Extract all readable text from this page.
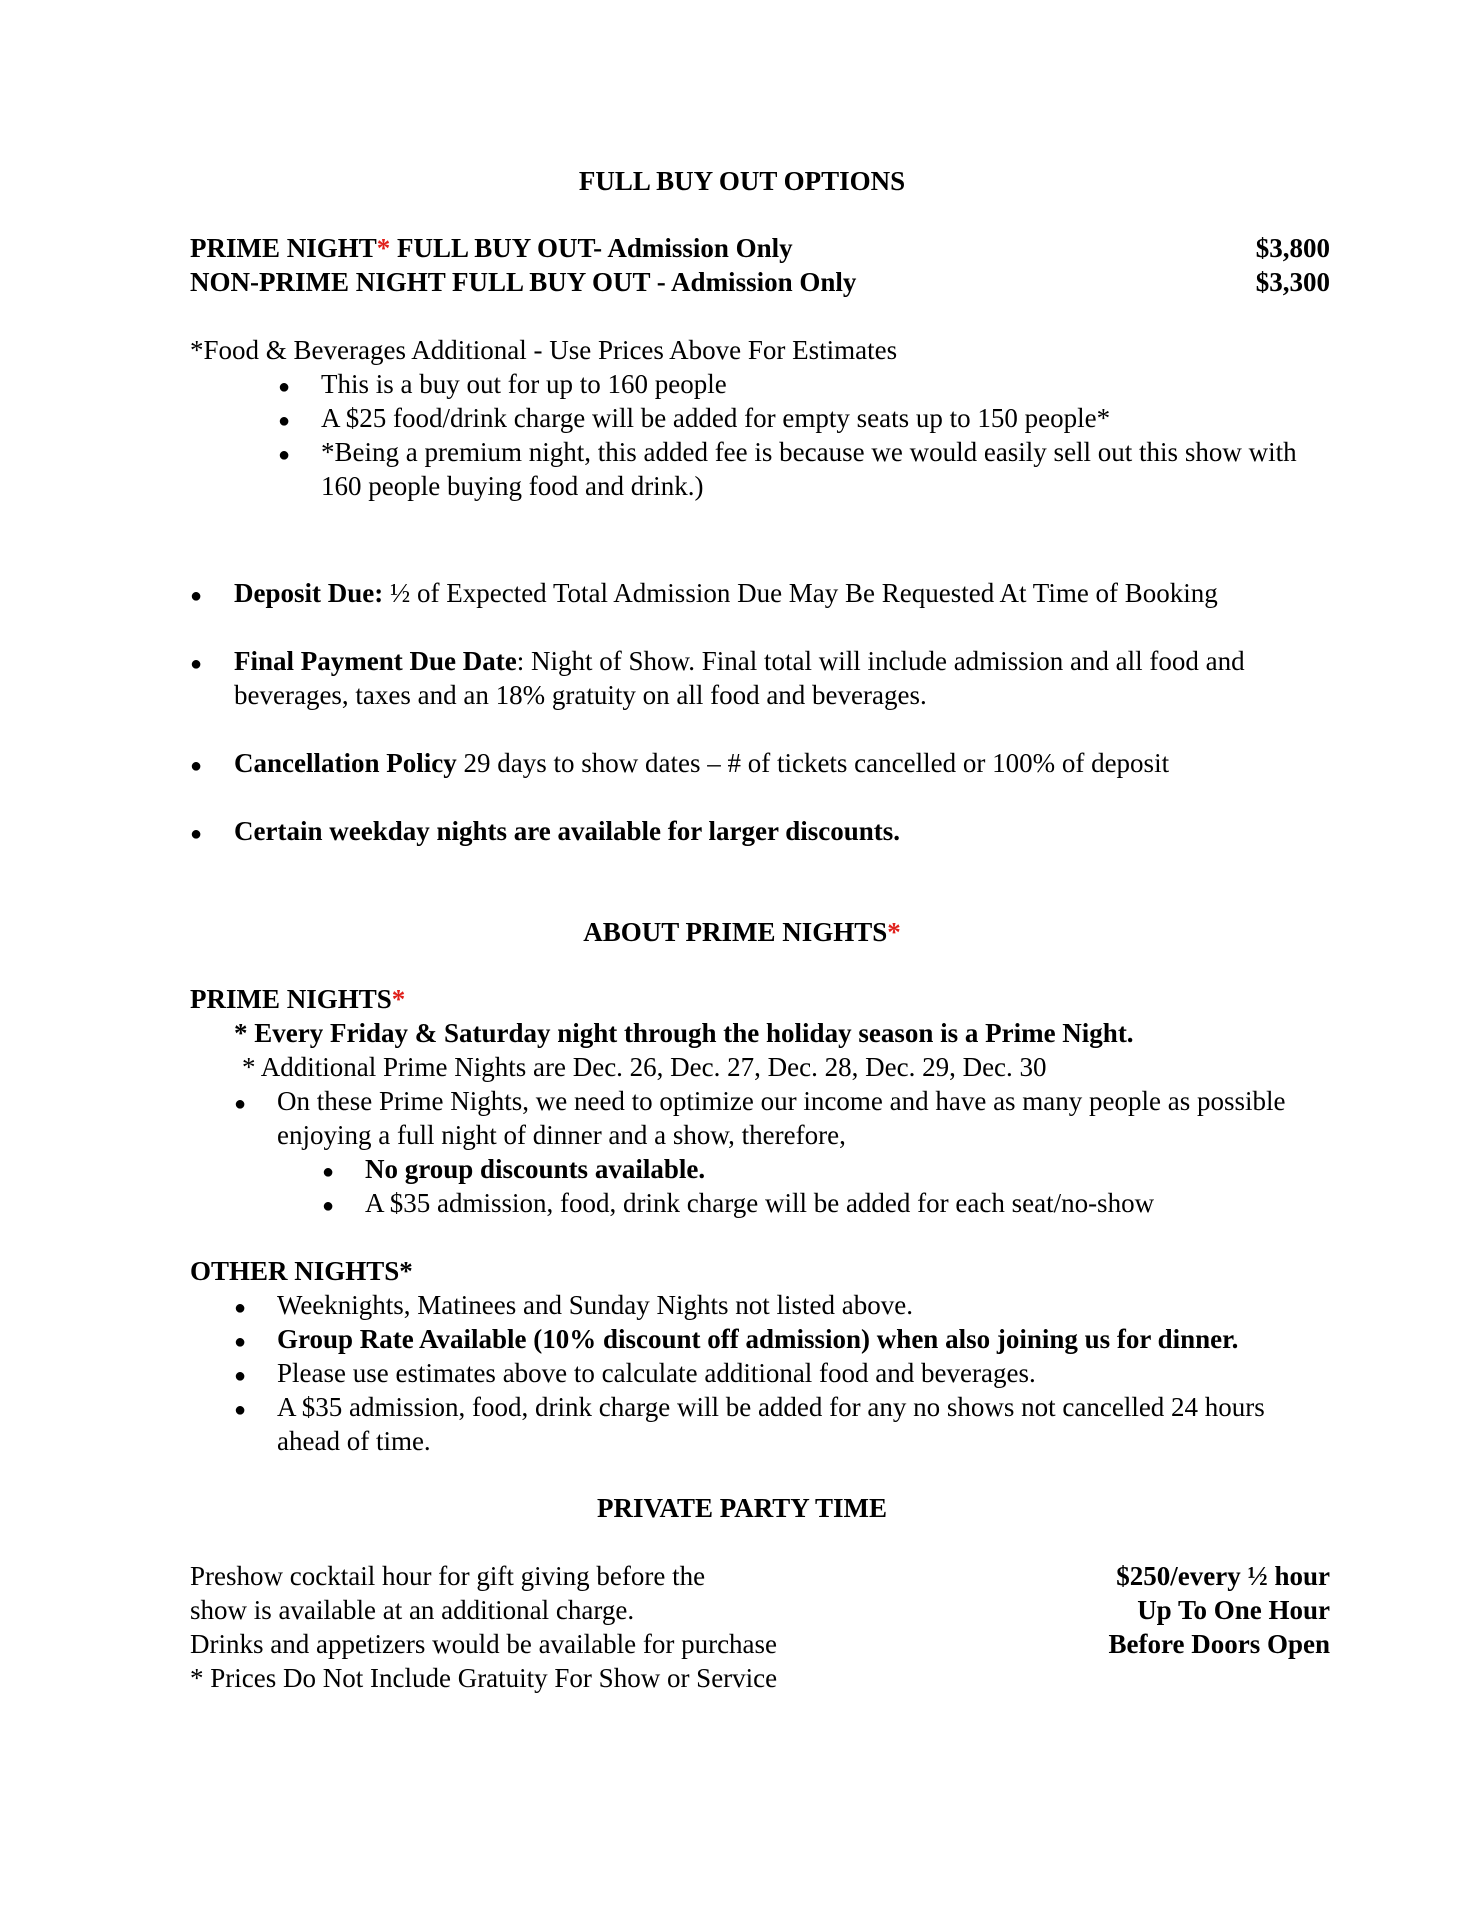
FULL BUY OUT OPTIONS
PRIME NIGHT* FULL BUY OUT- Admission Only	$3,800
NON-PRIME NIGHT FULL BUY OUT - Admission Only	$3,300
*Food & Beverages Additional - Use Prices Above For Estimates
● This is a buy out for up to 160 people
● A $25 food/drink charge will be added for empty seats up to 150 people*
● *Being a premium night, this added fee is because we would easily sell out this show with 160 people buying food and drink.)
● Deposit Due: ½ of Expected Total Admission Due May Be Requested At Time of Booking
● Final Payment Due Date: Night of Show. Final total will include admission and all food and beverages, taxes and an 18% gratuity on all food and beverages.
● Cancellation Policy 29 days to show dates – # of tickets cancelled or 100% of deposit
● Certain weekday nights are available for larger discounts.
ABOUT PRIME NIGHTS*
PRIME NIGHTS*
* Every Friday & Saturday night through the holiday season is a Prime Night.
* Additional Prime Nights are Dec. 26, Dec. 27, Dec. 28, Dec. 29, Dec. 30
● On these Prime Nights, we need to optimize our income and have as many people as possible enjoying a full night of dinner and a show, therefore,
● No group discounts available.
● A $35 admission, food, drink charge will be added for each seat/no-show
OTHER NIGHTS*
● Weeknights, Matinees and Sunday Nights not listed above.
● Group Rate Available (10% discount off admission) when also joining us for dinner.
● Please use estimates above to calculate additional food and beverages.
● A $35 admission, food, drink charge will be added for any no shows not cancelled 24 hours ahead of time.
PRIVATE PARTY TIME
Preshow cocktail hour for gift giving before the
show is available at an additional charge.
Drinks and appetizers would be available for purchase
* Prices Do Not Include Gratuity For Show or Service
$250/every ½ hour
Up To One Hour
Before Doors Open
